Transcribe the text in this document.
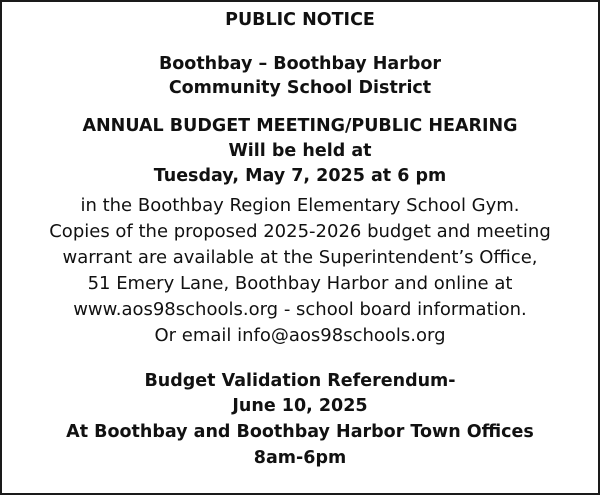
PUBLIC NOTICE
Boothbay – Boothbay Harbor
Community School District
ANNUAL BUDGET MEETING/PUBLIC HEARING
Will be held at
Tuesday, May 7, 2025 at 6 pm
in the Boothbay Region Elementary School Gym.
Copies of the proposed 2025-2026 budget and meeting
warrant are available at the Superintendent’s Office,
51 Emery Lane, Boothbay Harbor and online at
www.aos98schools.org - school board information.
Or email info@aos98schools.org
Budget Validation Referendum-
June 10, 2025
At Boothbay and Boothbay Harbor Town Offices
8am-6pm
